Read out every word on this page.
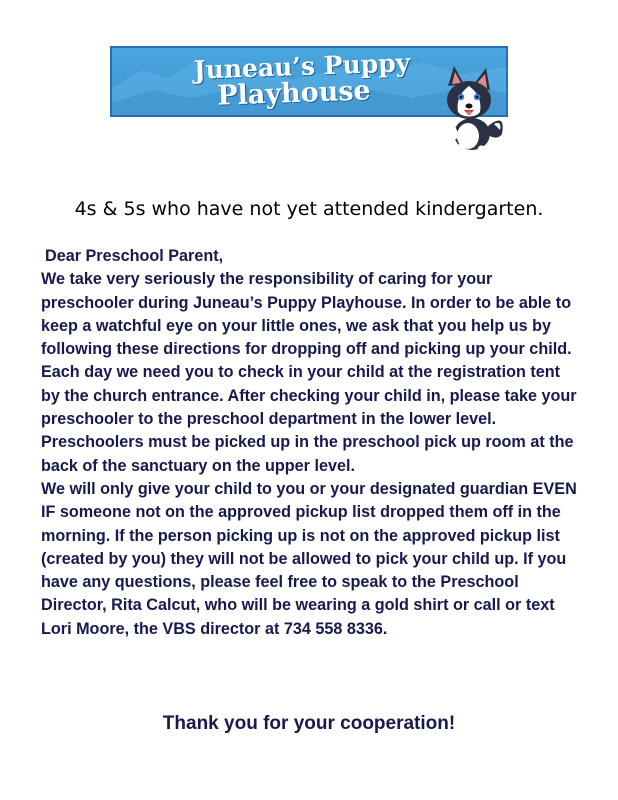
Juneau’s Puppy
Playhouse
4s & 5s who have not yet attended kindergarten.

Dear Preschool Parent,

We take very seriously the responsibility of caring for your preschooler during Juneau’s Puppy Playhouse. In order to be able to keep a watchful eye on your little ones, we ask that you help us by following these directions for dropping off and picking up your child. Each day we need you to check in your child at the registration tent by the church entrance. After checking your child in, please take your preschooler to the preschool department in the lower level. Preschoolers must be picked up in the preschool pick up room at the back of the sanctuary on the upper level.

We will only give your child to you or your designated guardian EVEN IF someone not on the approved pickup list dropped them off in the morning. If the person picking up is not on the approved pickup list (created by you) they will not be allowed to pick your child up. If you have any questions, please feel free to speak to the Preschool Director, Rita Calcut, who will be wearing a gold shirt or call or text Lori Moore, the VBS director at 734 558 8336.

Thank you for your cooperation!
